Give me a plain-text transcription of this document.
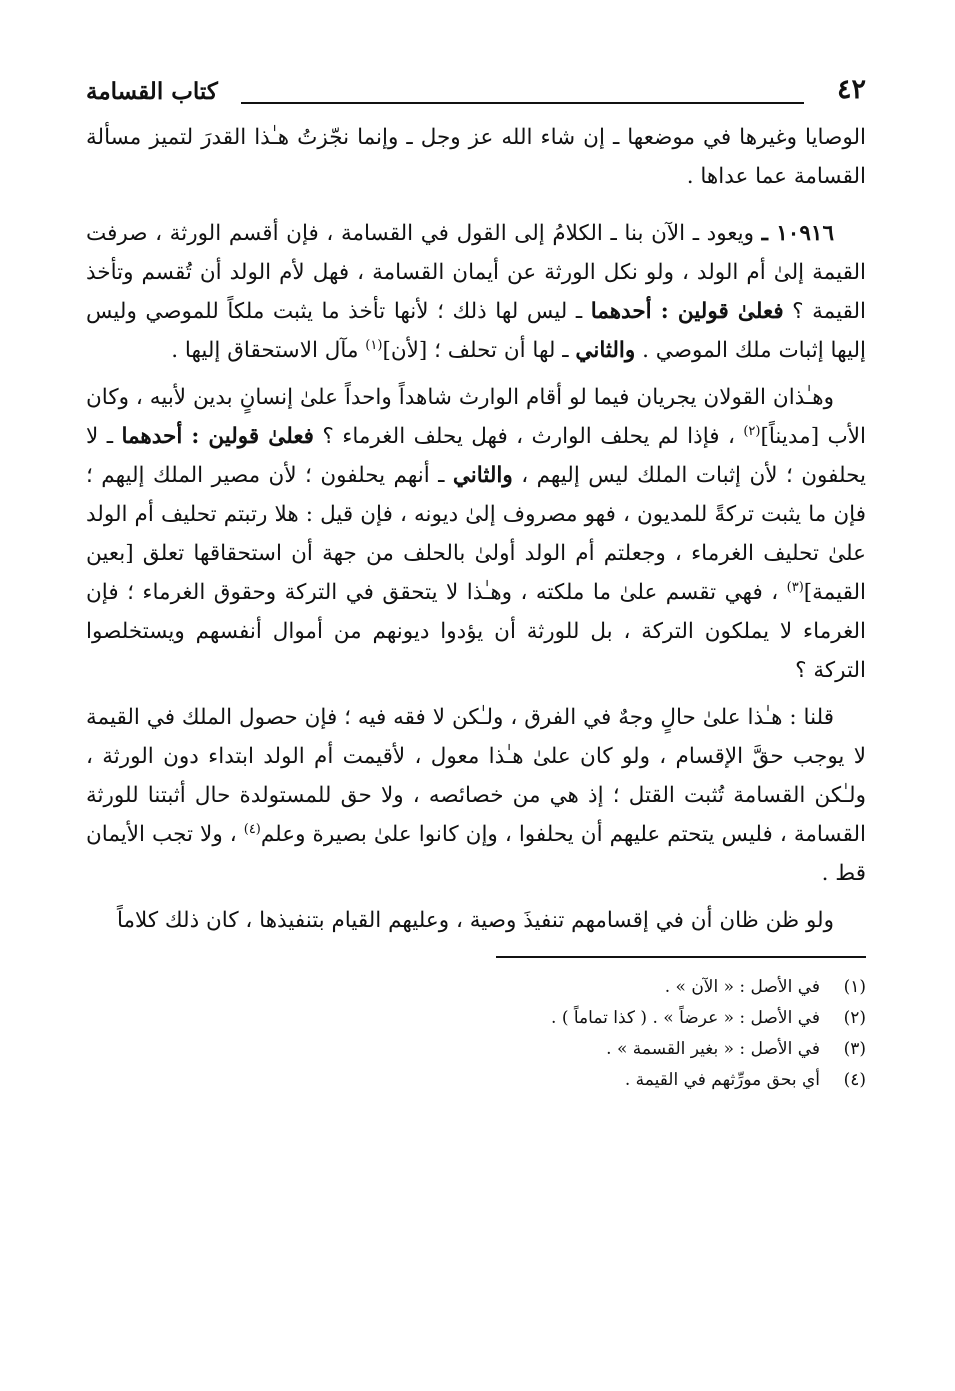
٤٢
كتاب القسامة

الوصايا وغيرها في موضعها ـ إن شاء الله عز وجل ـ وإنما نجّزتُ هـٰذا القدرَ لتميز مسألة القسامة عما عداها .

١٠٩١٦ ـ ويعود ـ الآن بنا ـ الكلامُ إلى القول في القسامة ، فإن أقسم الورثة ، صرفت القيمة إلىٰ أم الولد ، ولو نكل الورثة عن أيمان القسامة ، فهل لأم الولد أن تُقسم وتأخذ القيمة ؟ فعلىٰ قولين : أحدهما ـ ليس لها ذلك ؛ لأنها تأخذ ما يثبت ملكاً للموصي وليس إليها إثبات ملك الموصي . والثاني ـ لها أن تحلف ؛ [لأن]$^{(١)}$ مآل الاستحقاق إليها .

وهـٰذان القولان يجريان فيما لو أقام الوارث شاهداً واحداً علىٰ إنسانٍ بدين لأبيه ، وكان الأب [مديناً]$^{(٢)}$ ، فإذا لم يحلف الوارث ، فهل يحلف الغرماء ؟ فعلىٰ قولين : أحدهما ـ لا يحلفون ؛ لأن إثبات الملك ليس إليهم ، والثاني ـ أنهم يحلفون ؛ لأن مصير الملك إليهم ؛ فإن ما يثبت تركةً للمديون ، فهو مصروف إلىٰ ديونه ، فإن قيل : هلا رتبتم تحليف أم الولد علىٰ تحليف الغرماء ، وجعلتم أم الولد أولىٰ بالحلف من جهة أن استحقاقها تعلق [بعين القيمة]$^{(٣)}$ ، فهي تقسم علىٰ ما ملكته ، وهـٰذا لا يتحقق في التركة وحقوق الغرماء ؛ فإن الغرماء لا يملكون التركة ، بل للورثة أن يؤدوا ديونهم من أموال أنفسهم ويستخلصوا التركة ؟

قلنا : هـٰذا علىٰ حالٍ وجهٌ في الفرق ، ولـٰكن لا فقه فيه ؛ فإن حصول الملك في القيمة لا يوجب حقَّ الإقسام ، ولو كان علىٰ هـٰذا معول ، لأقيمت أم الولد ابتداء دون الورثة ، ولـٰكن القسامة تُثبت القتل ؛ إذ هي من خصائصه ، ولا حق للمستولدة حال أثبتنا للورثة القسامة ، فليس يتحتم عليهم أن يحلفوا ، وإن كانوا علىٰ بصيرة وعلم$^{(٤)}$ ، ولا تجب الأيمان قط .

ولو ظن ظان أن في إقسامهم تنفيذَ وصية ، وعليهم القيام بتنفيذها ، كان ذلك كلاماً

(١)
في الأصل : « الآن » .
(٢)
في الأصل : « عرضاً » . ( كذا تماماً ) .
(٣)
في الأصل : « بغير القسمة » .
(٤)
أي بحق مورِّثهم في القيمة .
